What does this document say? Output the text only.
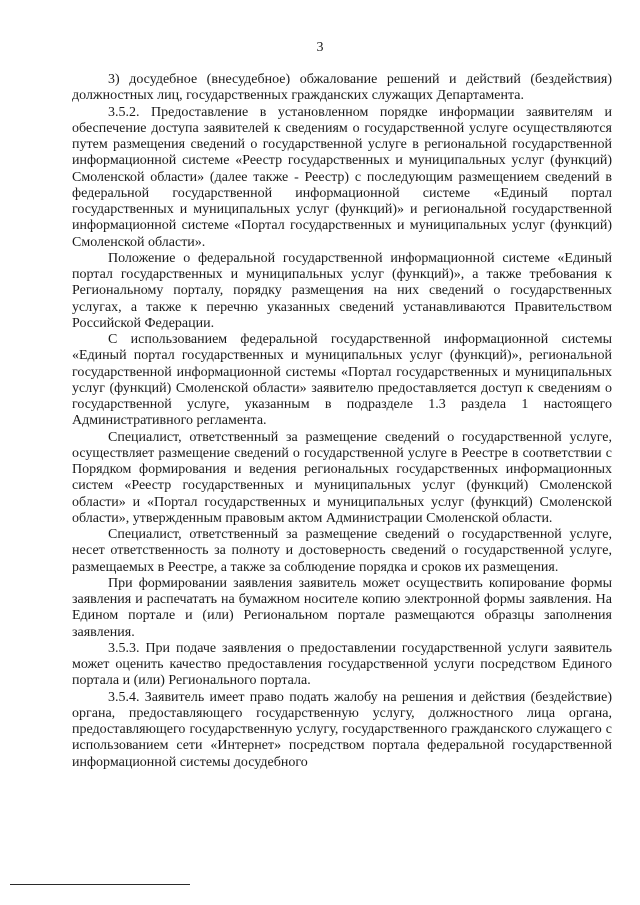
3

3) досудебное (внесудебное) обжалование решений и действий (бездействия) должностных лиц, государственных гражданских служащих Департамента.

3.5.2. Предоставление в установленном порядке информации заявителям и обеспечение доступа заявителей к сведениям о государственной услуге осуществляются путем размещения сведений о государственной услуге в региональной государственной информационной системе «Реестр государственных и муниципальных услуг (функций) Смоленской области» (далее также - Реестр) с последующим размещением сведений в федеральной государственной информационной системе «Единый портал государственных и муниципальных услуг (функций)» и региональной государственной информационной системе «Портал государственных и муниципальных услуг (функций) Смоленской области».

Положение о федеральной государственной информационной системе «Единый портал государственных и муниципальных услуг (функций)», а также требования к Региональному порталу, порядку размещения на них сведений о государственных услугах, а также к перечню указанных сведений устанавливаются Правительством Российской Федерации.

С использованием федеральной государственной информационной системы «Единый портал государственных и муниципальных услуг (функций)», региональной государственной информационной системы «Портал государственных и муниципальных услуг (функций) Смоленской области» заявителю предоставляется доступ к сведениям о государственной услуге, указанным в подразделе 1.3 раздела 1 настоящего Административного регламента.

Специалист, ответственный за размещение сведений о государственной услуге, осуществляет размещение сведений о государственной услуге в Реестре в соответствии с Порядком формирования и ведения региональных государственных информационных систем «Реестр государственных и муниципальных услуг (функций) Смоленской области» и «Портал государственных и муниципальных услуг (функций) Смоленской области», утвержденным правовым актом Администрации Смоленской области.

Специалист, ответственный за размещение сведений о государственной услуге, несет ответственность за полноту и достоверность сведений о государственной услуге, размещаемых в Реестре, а также за соблюдение порядка и сроков их размещения.

При формировании заявления заявитель может осуществить копирование формы заявления и распечатать на бумажном носителе копию электронной формы заявления. На Едином портале и (или) Региональном портале размещаются образцы заполнения заявления.

3.5.3. При подаче заявления о предоставлении государственной услуги заявитель может оценить качество предоставления государственной услуги посредством Единого портала и (или) Регионального портала.

3.5.4. Заявитель имеет право подать жалобу на решения и действия (бездействие) органа, предоставляющего государственную услугу, должностного лица органа, предоставляющего государственную услугу, государственного гражданского служащего с использованием сети «Интернет» посредством портала федеральной государственной информационной системы досудебного
